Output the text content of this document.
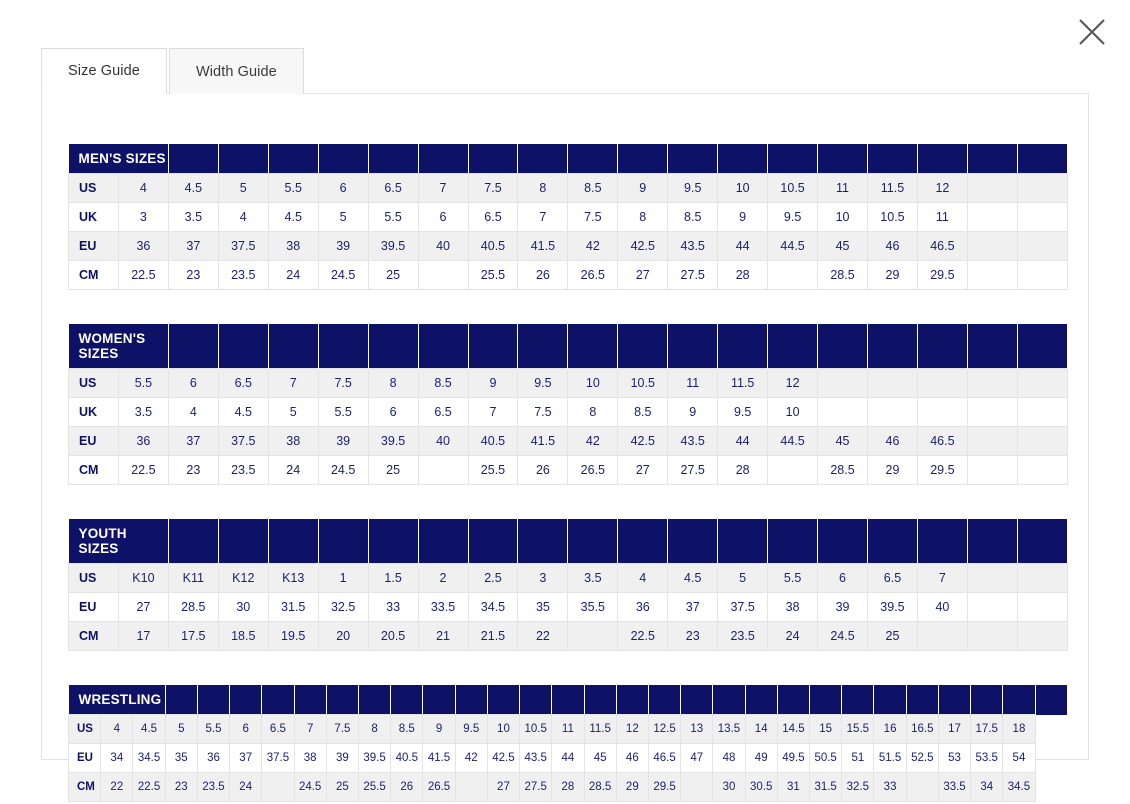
Size Guide	Width Guide
MEN'S SIZES																			
US	4	4.5	5	5.5	6	6.5	7	7.5	8	8.5	9	9.5	10	10.5	11	11.5	12		
UK	3	3.5	4	4.5	5	5.5	6	6.5	7	7.5	8	8.5	9	9.5	10	10.5	11		
EU	36	37	37.5	38	39	39.5	40	40.5	41.5	42	42.5	43.5	44	44.5	45	46	46.5		
CM	22.5	23	23.5	24	24.5	25		25.5	26	26.5	27	27.5	28		28.5	29	29.5		
WOMEN'S SIZES																			
US	5.5	6	6.5	7	7.5	8	8.5	9	9.5	10	10.5	11	11.5	12					
UK	3.5	4	4.5	5	5.5	6	6.5	7	7.5	8	8.5	9	9.5	10					
EU	36	37	37.5	38	39	39.5	40	40.5	41.5	42	42.5	43.5	44	44.5	45	46	46.5		
CM	22.5	23	23.5	24	24.5	25		25.5	26	26.5	27	27.5	28		28.5	29	29.5		
YOUTH SIZES																			
US	K10	K11	K12	K13	1	1.5	2	2.5	3	3.5	4	4.5	5	5.5	6	6.5	7		
EU	27	28.5	30	31.5	32.5	33	33.5	34.5	35	35.5	36	37	37.5	38	39	39.5	40		
CM	17	17.5	18.5	19.5	20	20.5	21	21.5	22		22.5	23	23.5	24	24.5	25			
WRESTLING																														
US	4	4.5	5	5.5	6	6.5	7	7.5	8	8.5	9	9.5	10	10.5	11	11.5	12	12.5	13	13.5	14	14.5	15	15.5	16	16.5	17	17.5	18	
EU	34	34.5	35	36	37	37.5	38	39	39.5	40.5	41.5	42	42.5	43.5	44	45	46	46.5	47	48	49	49.5	50.5	51	51.5	52.5	53	53.5	54	
CM	22	22.5	23	23.5	24		24.5	25	25.5	26	26.5		27	27.5	28	28.5	29	29.5		30	30.5	31	31.5	32.5	33		33.5	34	34.5	
